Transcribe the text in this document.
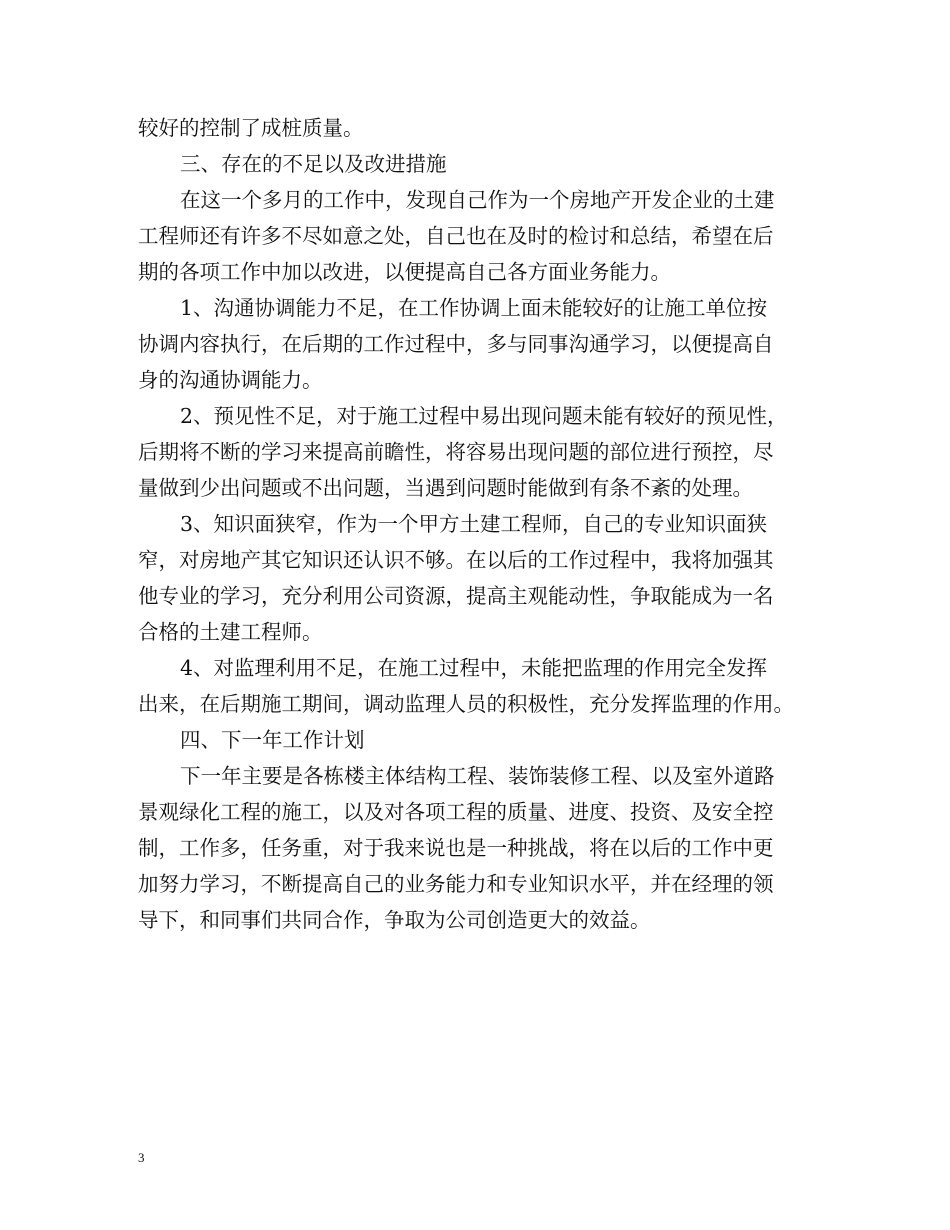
较好的控制了成桩质量。
三、存在的不足以及改进措施
在这一个多月的工作中，发现自己作为一个房地产开发企业的土建
工程师还有许多不尽如意之处，自己也在及时的检讨和总结，希望在后
期的各项工作中加以改进，以便提高自己各方面业务能力。
1、沟通协调能力不足，在工作协调上面未能较好的让施工单位按
协调内容执行，在后期的工作过程中，多与同事沟通学习，以便提高自
身的沟通协调能力。
2、预见性不足，对于施工过程中易出现问题未能有较好的预见性，
后期将不断的学习来提高前瞻性，将容易出现问题的部位进行预控，尽
量做到少出问题或不出问题，当遇到问题时能做到有条不紊的处理。
3、知识面狭窄，作为一个甲方土建工程师，自己的专业知识面狭
窄，对房地产其它知识还认识不够。在以后的工作过程中，我将加强其
他专业的学习，充分利用公司资源，提高主观能动性，争取能成为一名
合格的土建工程师。
4、对监理利用不足，在施工过程中，未能把监理的作用完全发挥
出来，在后期施工期间，调动监理人员的积极性，充分发挥监理的作用。
四、下一年工作计划
下一年主要是各栋楼主体结构工程、装饰装修工程、以及室外道路
景观绿化工程的施工，以及对各项工程的质量、进度、投资、及安全控
制，工作多，任务重，对于我来说也是一种挑战，将在以后的工作中更
加努力学习，不断提高自己的业务能力和专业知识水平，并在经理的领
导下，和同事们共同合作，争取为公司创造更大的效益。
3
